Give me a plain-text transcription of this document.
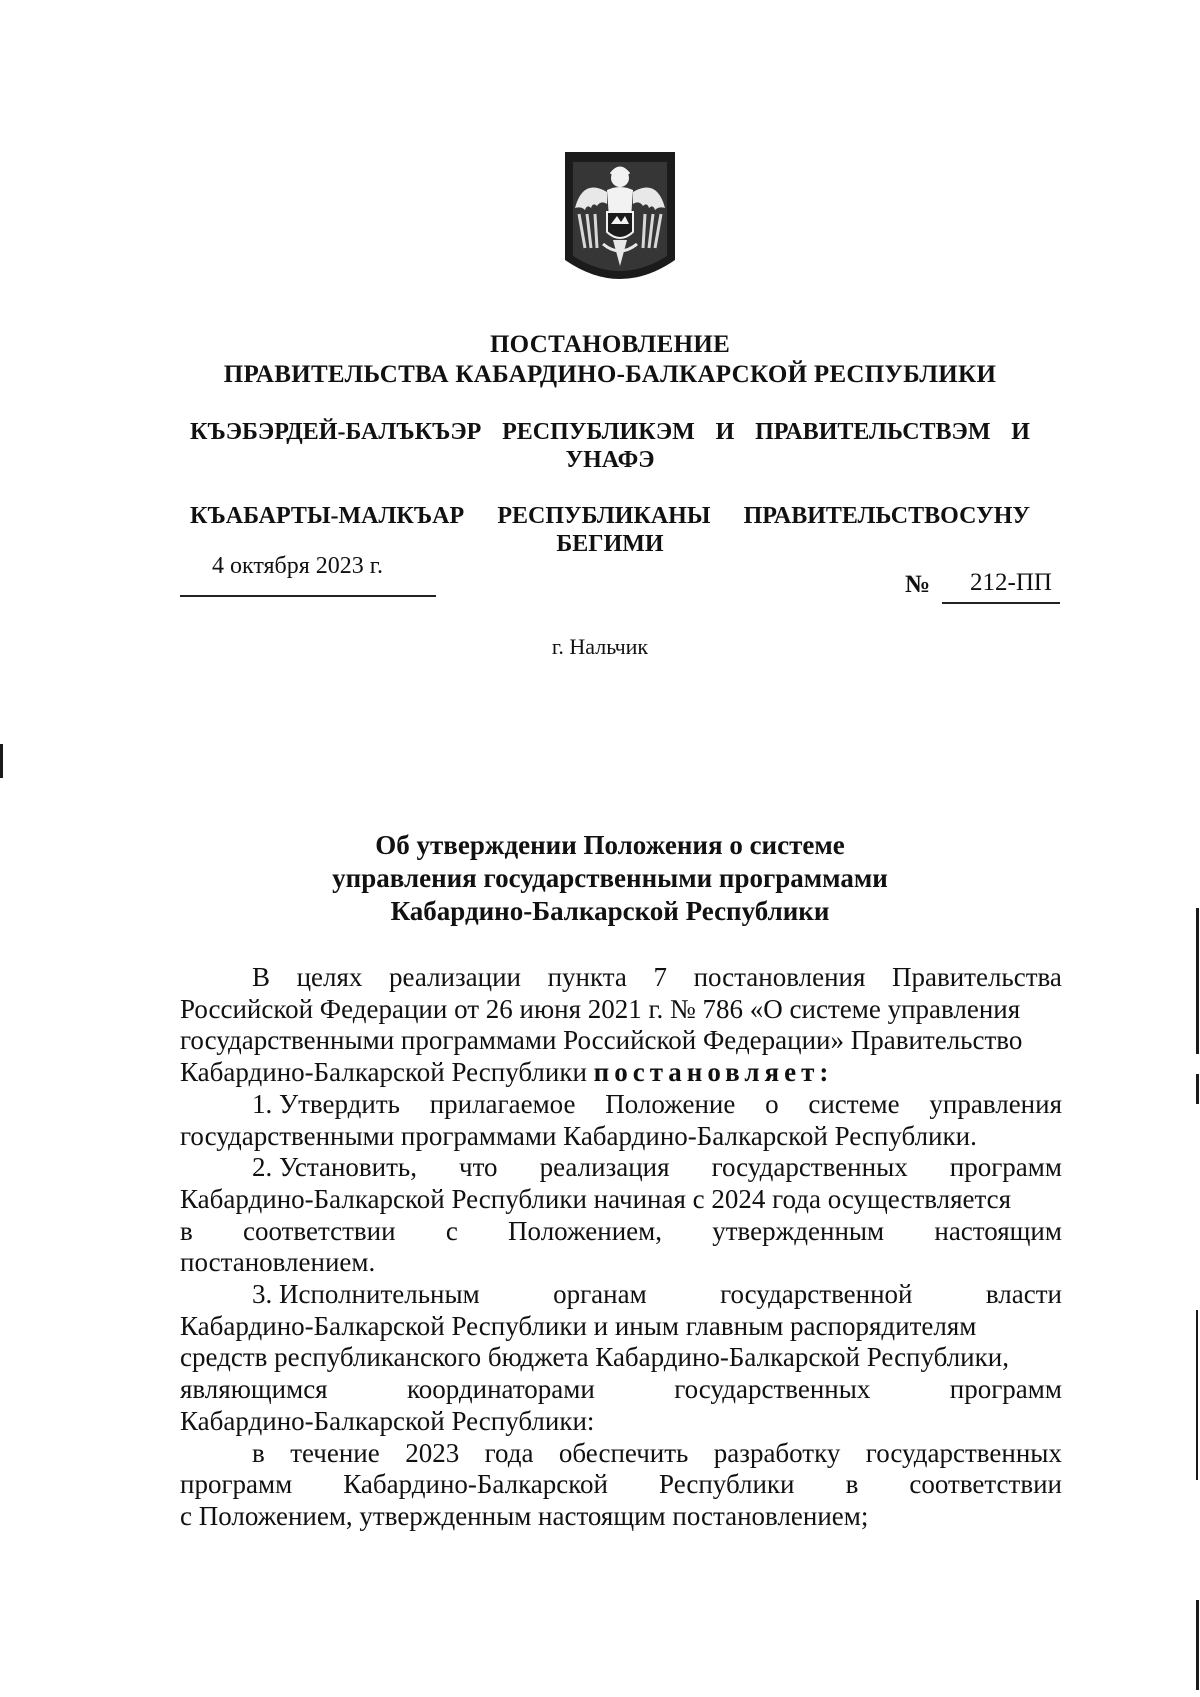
ПОСТАНОВЛЕНИЕ
ПРАВИТЕЛЬСТВА КАБАРДИНО-БАЛКАРСКОЙ РЕСПУБЛИКИ
КЪЭБЭРДЕЙ-БАЛЪКЪЭР РЕСПУБЛИКЭМ И ПРАВИТЕЛЬСТВЭМ И
УНАФЭ
КЪАБАРТЫ-МАЛКЪАР РЕСПУБЛИКАНЫ ПРАВИТЕЛЬСТВОСУНУ
БЕГИМИ
4 октября 2023 г.
№ 212-ПП
г. Нальчик
Об утверждении Положения о системе
управления государственными программами
Кабардино-Балкарской Республики
В целях реализации пункта 7 постановления Правительства
Российской Федерации от 26 июня 2021 г. № 786 «О системе управления
государственными программами Российской Федерации» Правительство
Кабардино-Балкарской Республики постановляет:
1. Утвердить прилагаемое Положение о системе управления
государственными программами Кабардино-Балкарской Республики.
2. Установить, что реализация государственных программ
Кабардино-Балкарской Республики начиная с 2024 года осуществляется
в соответствии с Положением, утвержденным настоящим
постановлением.
3. Исполнительным	органам	государственной	власти
Кабардино-Балкарской Республики и иным главным распорядителям
средств республиканского бюджета Кабардино-Балкарской Республики,
являющимся	координаторами	государственных	программ
Кабардино-Балкарской Республики:
в течение 2023 года обеспечить разработку государственных
программ Кабардино-Балкарской Республики в соответствии
с Положением, утвержденным настоящим постановлением;
